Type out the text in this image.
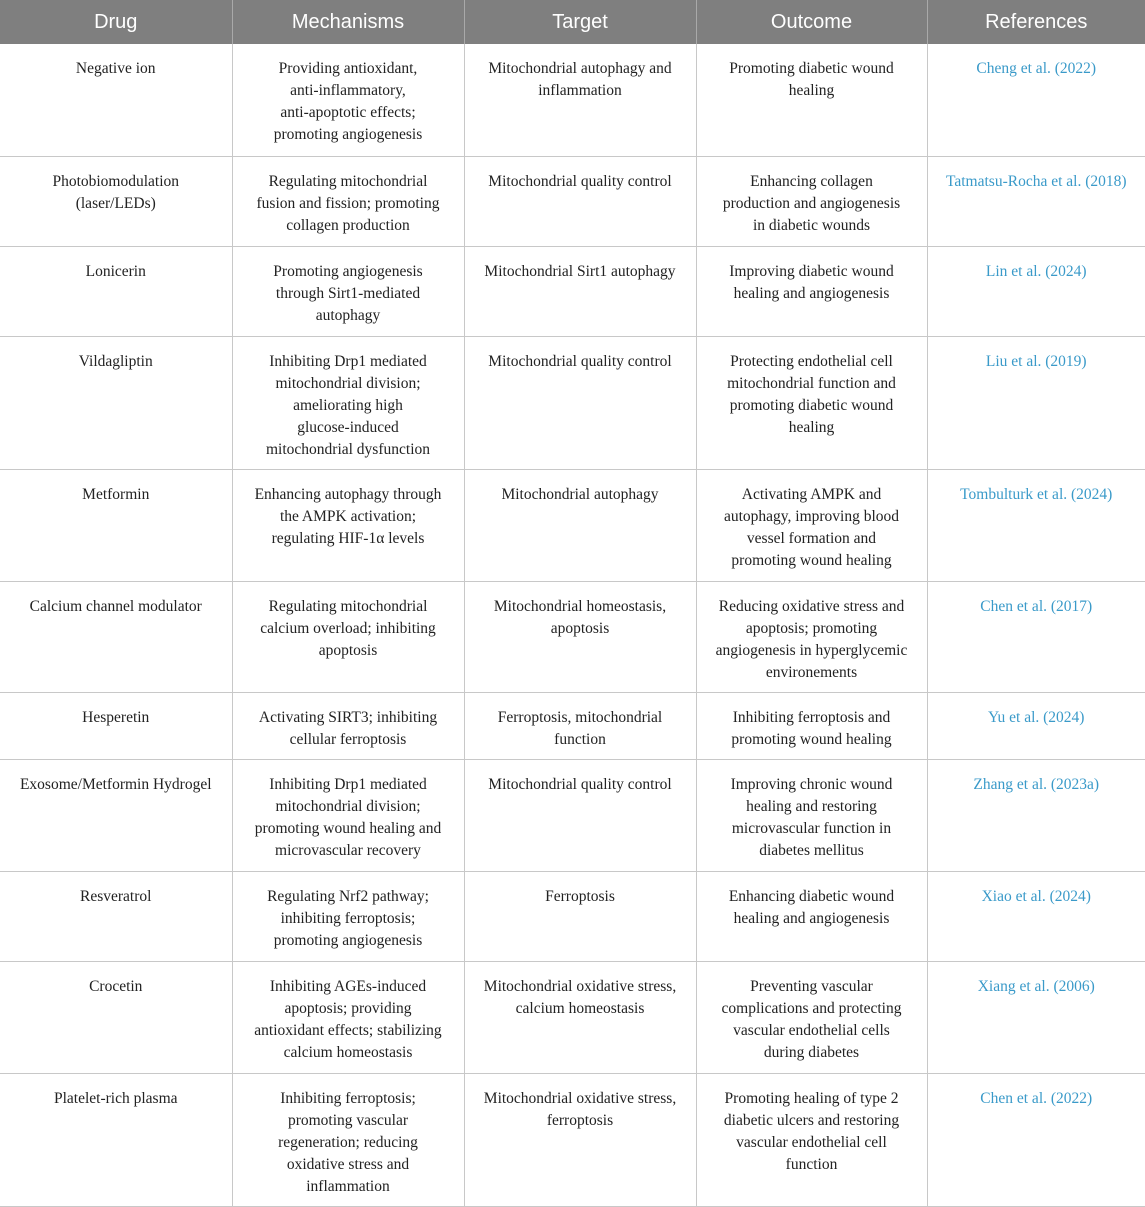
Drug	Mechanisms	Target	Outcome	References
Negative ion	Providing antioxidant,
anti-inflammatory,
anti-apoptotic effects;
promoting angiogenesis	Mitochondrial autophagy and
inflammation	Promoting diabetic wound
healing	Cheng et al. (2022)
Photobiomodulation
(laser/LEDs)	Regulating mitochondrial
fusion and fission; promoting
collagen production	Mitochondrial quality control	Enhancing collagen
production and angiogenesis
in diabetic wounds	Tatmatsu-Rocha et al. (2018)
Lonicerin	Promoting angiogenesis
through Sirt1-mediated
autophagy	Mitochondrial Sirt1 autophagy	Improving diabetic wound
healing and angiogenesis	Lin et al. (2024)
Vildagliptin	Inhibiting Drp1 mediated
mitochondrial division;
ameliorating high
glucose-induced
mitochondrial dysfunction	Mitochondrial quality control	Protecting endothelial cell
mitochondrial function and
promoting diabetic wound
healing	Liu et al. (2019)
Metformin	Enhancing autophagy through
the AMPK activation;
regulating HIF-1α levels	Mitochondrial autophagy	Activating AMPK and
autophagy, improving blood
vessel formation and
promoting wound healing	Tombulturk et al. (2024)
Calcium channel modulator	Regulating mitochondrial
calcium overload; inhibiting
apoptosis	Mitochondrial homeostasis,
apoptosis	Reducing oxidative stress and
apoptosis; promoting
angiogenesis in hyperglycemic
environements	Chen et al. (2017)
Hesperetin	Activating SIRT3; inhibiting
cellular ferroptosis	Ferroptosis, mitochondrial
function	Inhibiting ferroptosis and
promoting wound healing	Yu et al. (2024)
Exosome/Metformin Hydrogel	Inhibiting Drp1 mediated
mitochondrial division;
promoting wound healing and
microvascular recovery	Mitochondrial quality control	Improving chronic wound
healing and restoring
microvascular function in
diabetes mellitus	Zhang et al. (2023a)
Resveratrol	Regulating Nrf2 pathway;
inhibiting ferroptosis;
promoting angiogenesis	Ferroptosis	Enhancing diabetic wound
healing and angiogenesis	Xiao et al. (2024)
Crocetin	Inhibiting AGEs-induced
apoptosis; providing
antioxidant effects; stabilizing
calcium homeostasis	Mitochondrial oxidative stress,
calcium homeostasis	Preventing vascular
complications and protecting
vascular endothelial cells
during diabetes	Xiang et al. (2006)
Platelet-rich plasma	Inhibiting ferroptosis;
promoting vascular
regeneration; reducing
oxidative stress and
inflammation	Mitochondrial oxidative stress,
ferroptosis	Promoting healing of type 2
diabetic ulcers and restoring
vascular endothelial cell
function	Chen et al. (2022)
